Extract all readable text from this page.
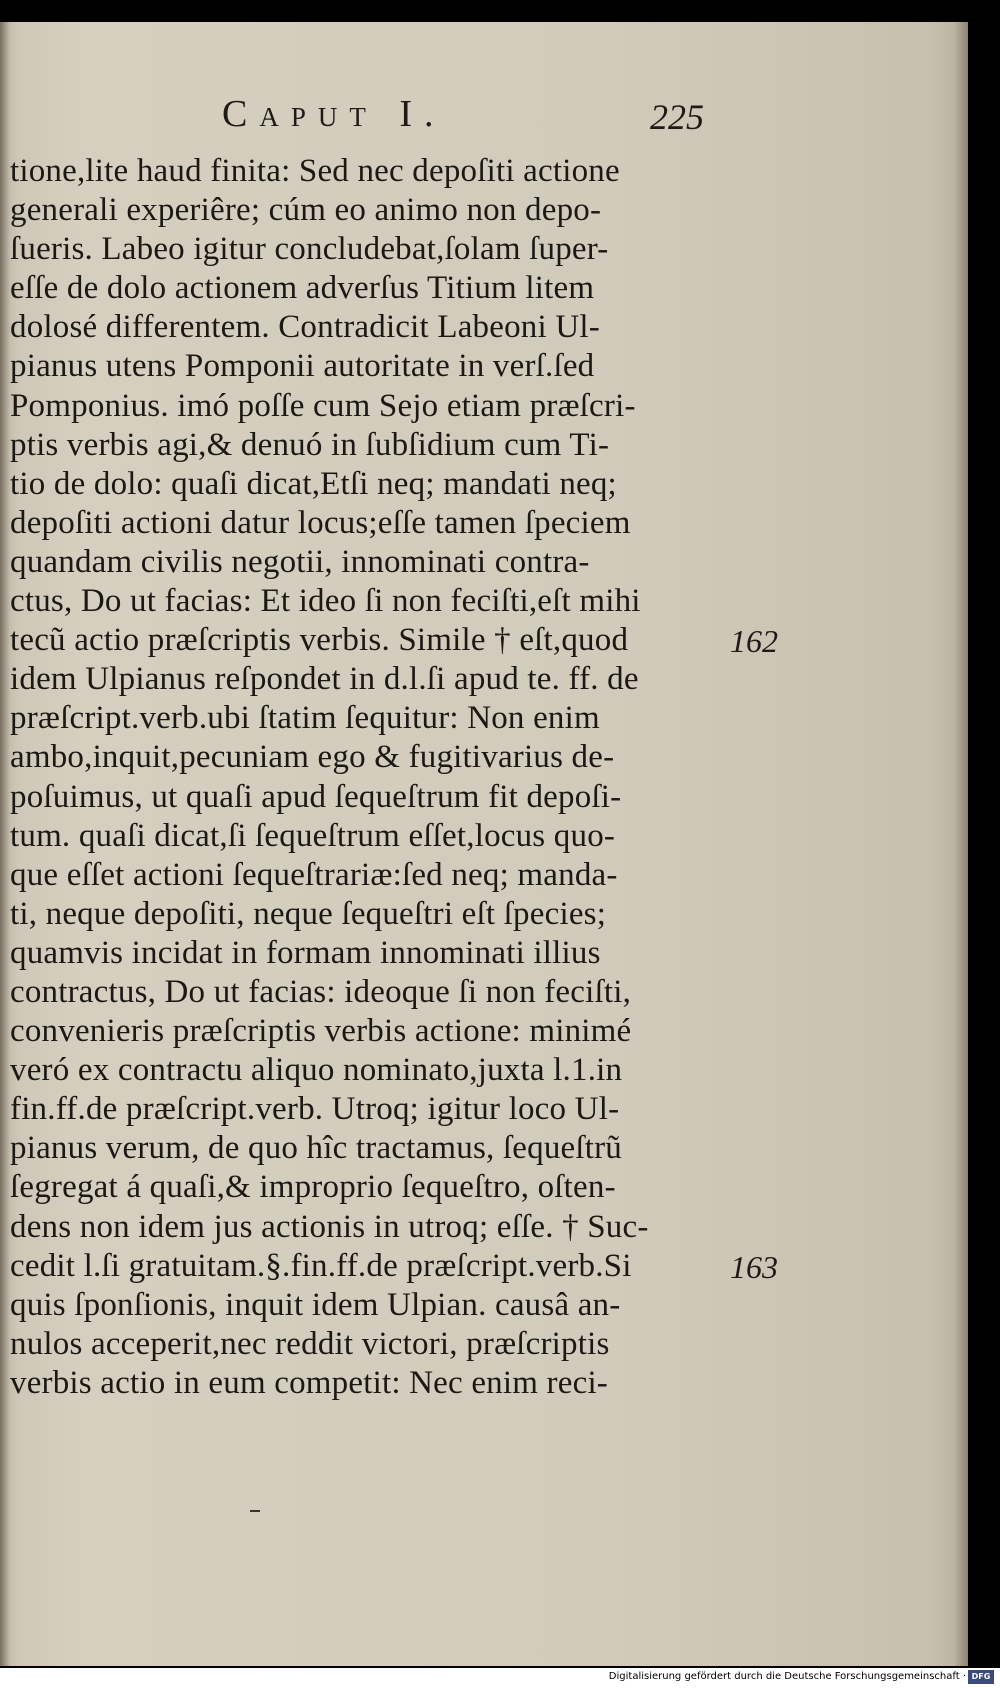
Caput I.	225
tione,lite haud finita: Sed nec depoſiti actione
generali experiêre; cúm eo animo non depo-
ſueris. Labeo igitur concludebat,ſolam ſuper-
eſſe de dolo actionem adverſus Titium litem
dolosé differentem. Contradicit Labeoni Ul-
pianus utens Pomponii autoritate in verſ.ſed
Pomponius. imó poſſe cum Sejo etiam præſcri-
ptis verbis agi,& denuó in ſubſidium cum Ti-
tio de dolo: quaſi dicat,Etſi neq; mandati neq;
depoſiti actioni datur locus;eſſe tamen ſpeciem
quandam civilis negotii, innominati contra-
ctus, Do ut facias: Et ideo ſi non feciſti,eſt mihi
tecũ actio præſcriptis verbis. Simile † eſt,quod
idem Ulpianus reſpondet in d.l.ſi apud te. ff. de
præſcript.verb.ubi ſtatim ſequitur: Non enim
ambo,inquit,pecuniam ego & fugitivarius de-
poſuimus, ut quaſi apud ſequeſtrum fit depoſi-
tum. quaſi dicat,ſi ſequeſtrum eſſet,locus quo-
que eſſet actioni ſequeſtrariæ:ſed neq; manda-
ti, neque depoſiti, neque ſequeſtri eſt ſpecies;
quamvis incidat in formam innominati illius
contractus, Do ut facias: ideoque ſi non feciſti,
convenieris præſcriptis verbis actione: minimé
veró ex contractu aliquo nominato,juxta l.1.in
fin.ff.de præſcript.verb. Utroq; igitur loco Ul-
pianus verum, de quo hîc tractamus, ſequeſtrũ
ſegregat á quaſi,& improprio ſequeſtro, oſten-
dens non idem jus actionis in utroq; eſſe. † Suc-
cedit l.ſi gratuitam.§.fin.ff.de præſcript.verb.Si
quis ſponſionis, inquit idem Ulpian. causâ an-
nulos acceperit,nec reddit victori, præſcriptis
verbis actio in eum competit: Nec enim reci-
162
163
Digitalisierung gefördert durch die Deutsche Forschungsgemeinschaft · DFG
